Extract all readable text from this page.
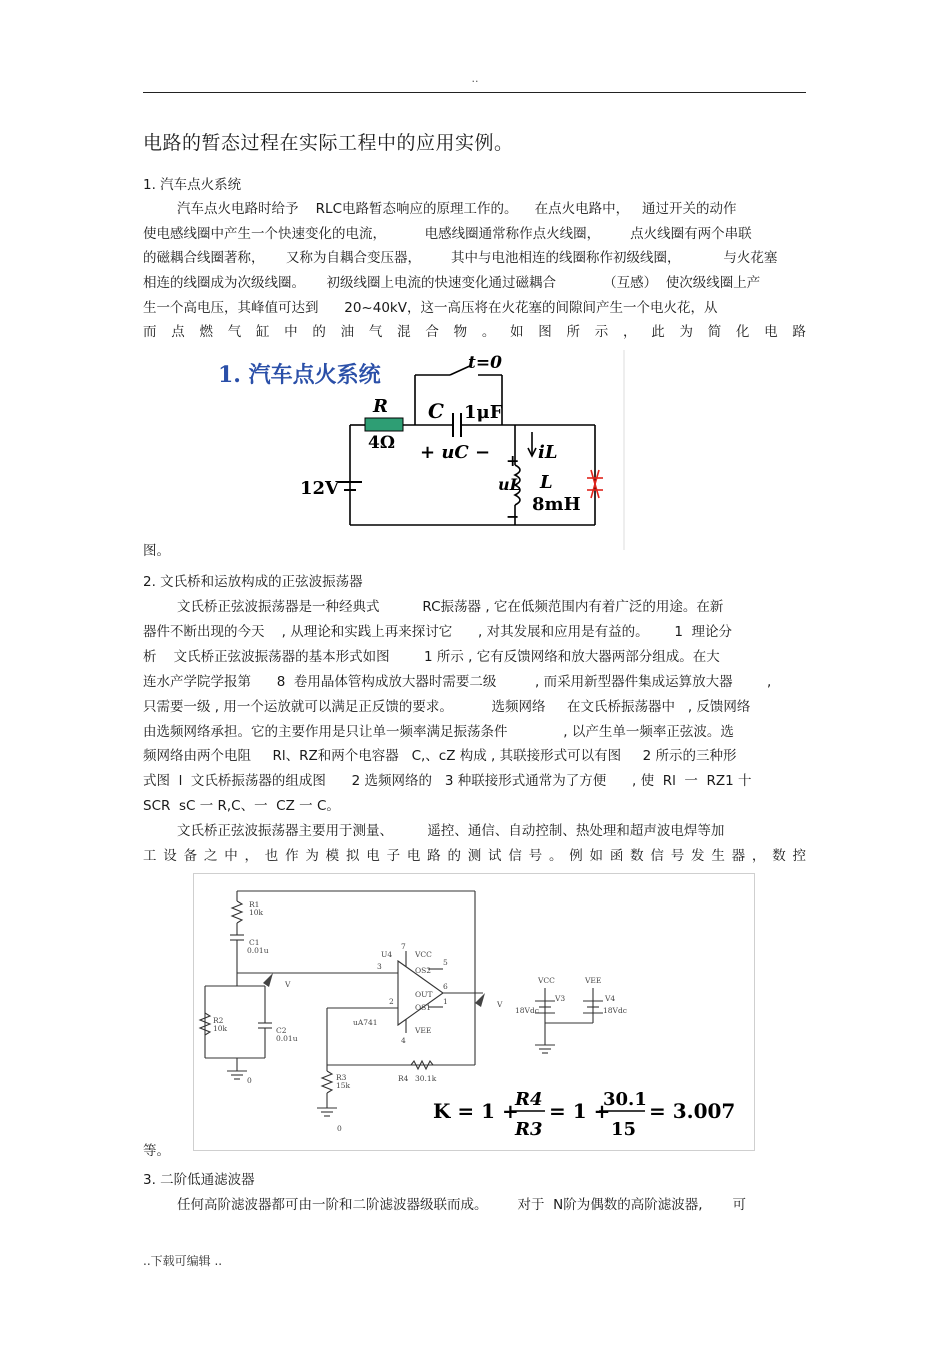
..
电路的暂态过程在实际工程中的应用实例。
1. 汽车点火系统
汽车点火电路时给予    RLC电路暂态响应的原理工作的。    在点火电路中，   通过开关的动作
使电感线圈中产生一个快速变化的电流，         电感线圈通常称作点火线圈，       点火线圈有两个串联
的磁耦合线圈著称，     又称为自耦合变压器，       其中与电池相连的线圈称作初级线圈，          与火花塞
相连的线圈成为次级线圈。     初级线圈上电流的快速变化通过磁耦合           （互感）  使次级线圈上产
生一个高电压，其峰值可达到      20~40kV，这一高压将在火花塞的间隙间产生一个电火花，从
而 点 燃 气 缸 中 的 油 气 混 合 物 。 如 图 所 示 ， 此 为 简 化 电 路
1. 汽车点火系统	t=0
C 1μF
R
4Ω + uC −
12V
iL
L
8mH
uL
+
−
图。
2. 文氏桥和运放构成的正弦波振荡器
文氏桥正弦波振荡器是一种经典式          RC振荡器 , 它在低频范围内有着广泛的用途。在新
器件不断出现的今天    , 从理论和实践上再来探讨它      , 对其发展和应用是有益的。      1  理论分
析    文氏桥正弦波振荡器的基本形式如图        1 所示 , 它有反馈网络和放大器两部分组成。在大
连水产学院学报第      8  卷用晶体管构成放大器时需要二级         , 而采用新型器件集成运算放大器        ,
只需要一级 , 用一个运放就可以满足正反馈的要求。         选频网络     在文氏桥振荡器中   , 反馈网络
由选频网络承担。它的主要作用是只让单一频率满足振荡条件             , 以产生单一频率正弦波。选
频网络由两个电阻     Rl、RZ和两个电容器   C,、cZ 构成 , 其联接形式可以有图     2 所示的三种形
式图  l  文氏桥振荡器的组成图      2 选频网络的   3 种联接形式通常为了方便      , 使  Rl  一  RZ1 十
SCR  sC 一 R,C、一  CZ 一 C。
文氏桥正弦波振荡器主要用于测量、        遥控、通信、自动控制、热处理和超声波电焊等加
工 设 备 之 中 ， 也 作 为 模 拟 电 子 电 路 的 测 试 信 号 。 例 如 函 数 信 号 发 生 器 ， 数 控
R1
10k
C1
0.01u
R2
10k	C2
0.01u
U4
uA741
VCC
VEE
OS2
OUT
OS1
3
2
7
4
5
6
1
R3
15k
R4 30.1k
VCC	VEE
V3
18Vdc
V4
18Vdc
0
0
V
V
K = 1 +
R4
R3
= 1 +
30.1
15
= 3.007
等。
3. 二阶低通滤波器
任何高阶滤波器都可由一阶和二阶滤波器级联而成。       对于  N阶为偶数的高阶滤波器,       可
..下载可编辑 ..
